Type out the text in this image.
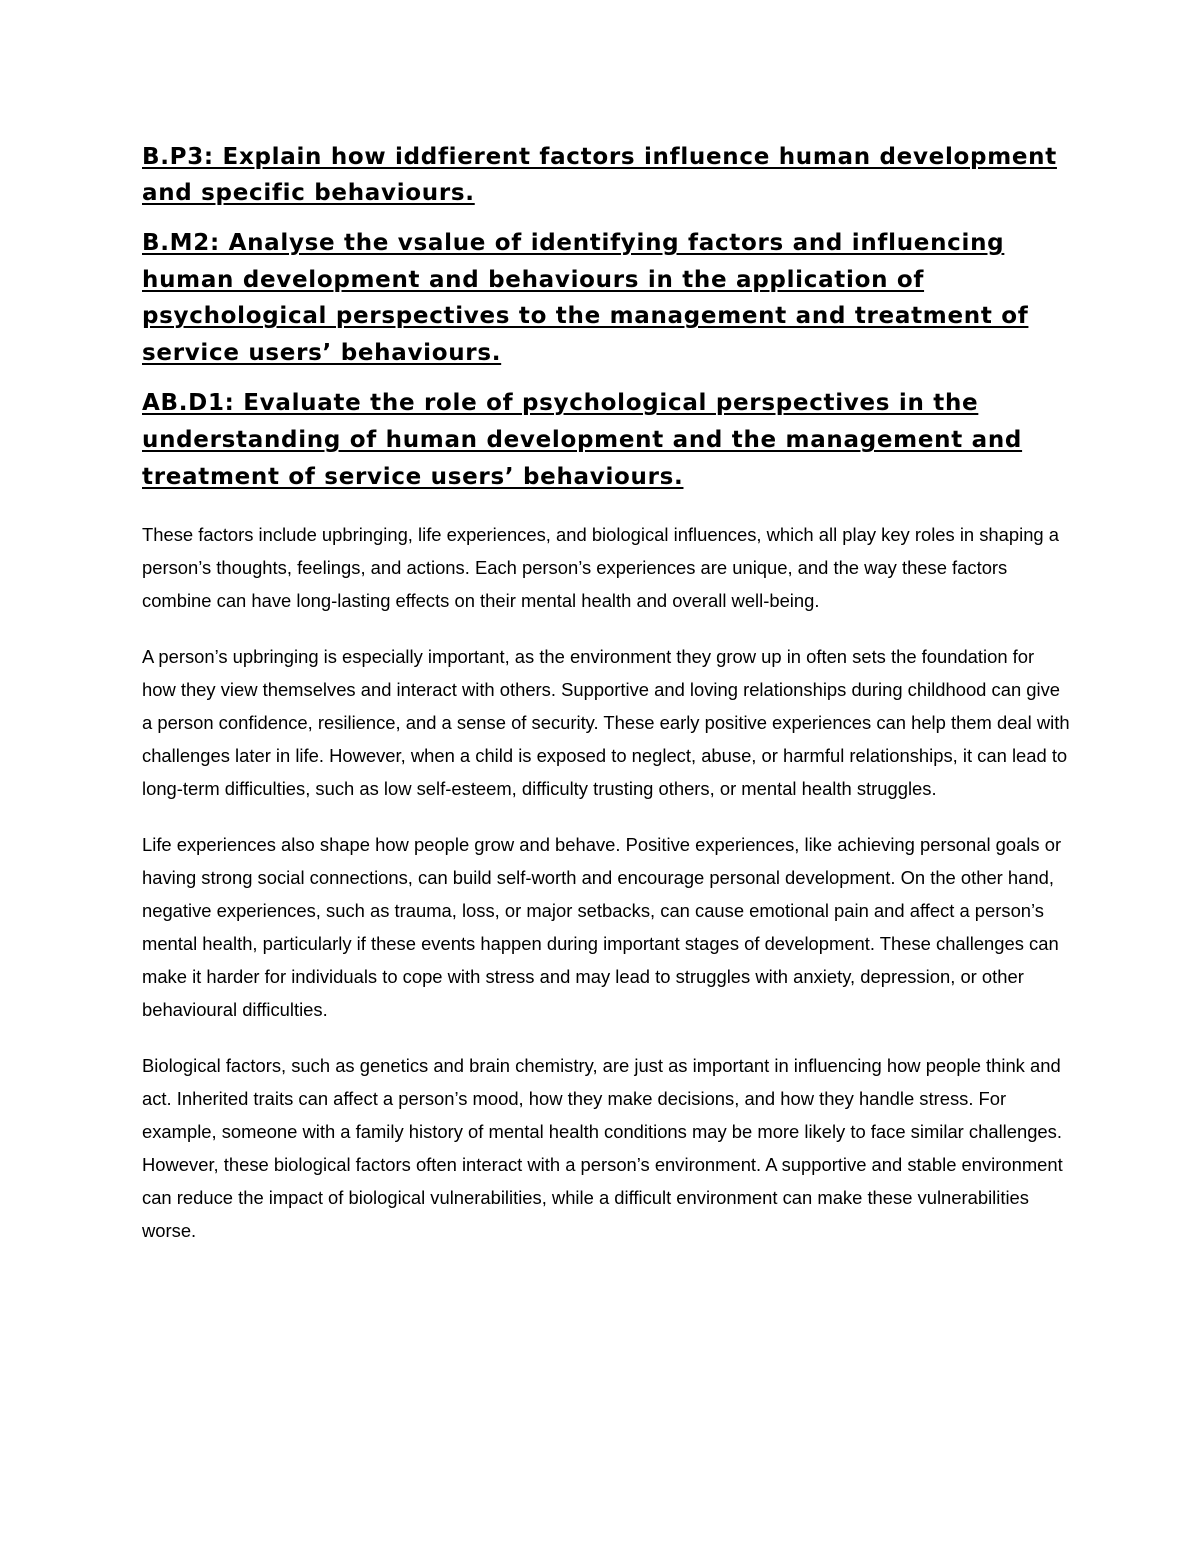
B.P3: Explain how iddfierent factors influence human development and specific behaviours.
B.M2: Analyse the vsalue of identifying factors and influencing human development and behaviours in the application of psychological perspectives to the management and treatment of service users’ behaviours.
AB.D1: Evaluate the role of psychological perspectives in the understanding of human development and the management and treatment of service users’ behaviours.

These factors include upbringing, life experiences, and biological influences, which all play key roles in shaping a person’s thoughts, feelings, and actions. Each person’s experiences are unique, and the way these factors combine can have long-lasting effects on their mental health and overall well-being.

A person’s upbringing is especially important, as the environment they grow up in often sets the foundation for how they view themselves and interact with others. Supportive and loving relationships during childhood can give a person confidence, resilience, and a sense of security. These early positive experiences can help them deal with challenges later in life. However, when a child is exposed to neglect, abuse, or harmful relationships, it can lead to long-term difficulties, such as low self-esteem, difficulty trusting others, or mental health struggles.

Life experiences also shape how people grow and behave. Positive experiences, like achieving personal goals or having strong social connections, can build self-worth and encourage personal development. On the other hand, negative experiences, such as trauma, loss, or major setbacks, can cause emotional pain and affect a person’s mental health, particularly if these events happen during important stages of development. These challenges can make it harder for individuals to cope with stress and may lead to struggles with anxiety, depression, or other behavioural difficulties.

Biological factors, such as genetics and brain chemistry, are just as important in influencing how people think and act. Inherited traits can affect a person’s mood, how they make decisions, and how they handle stress. For example, someone with a family history of mental health conditions may be more likely to face similar challenges. However, these biological factors often interact with a person’s environment. A supportive and stable environment can reduce the impact of biological vulnerabilities, while a difficult environment can make these vulnerabilities worse.
